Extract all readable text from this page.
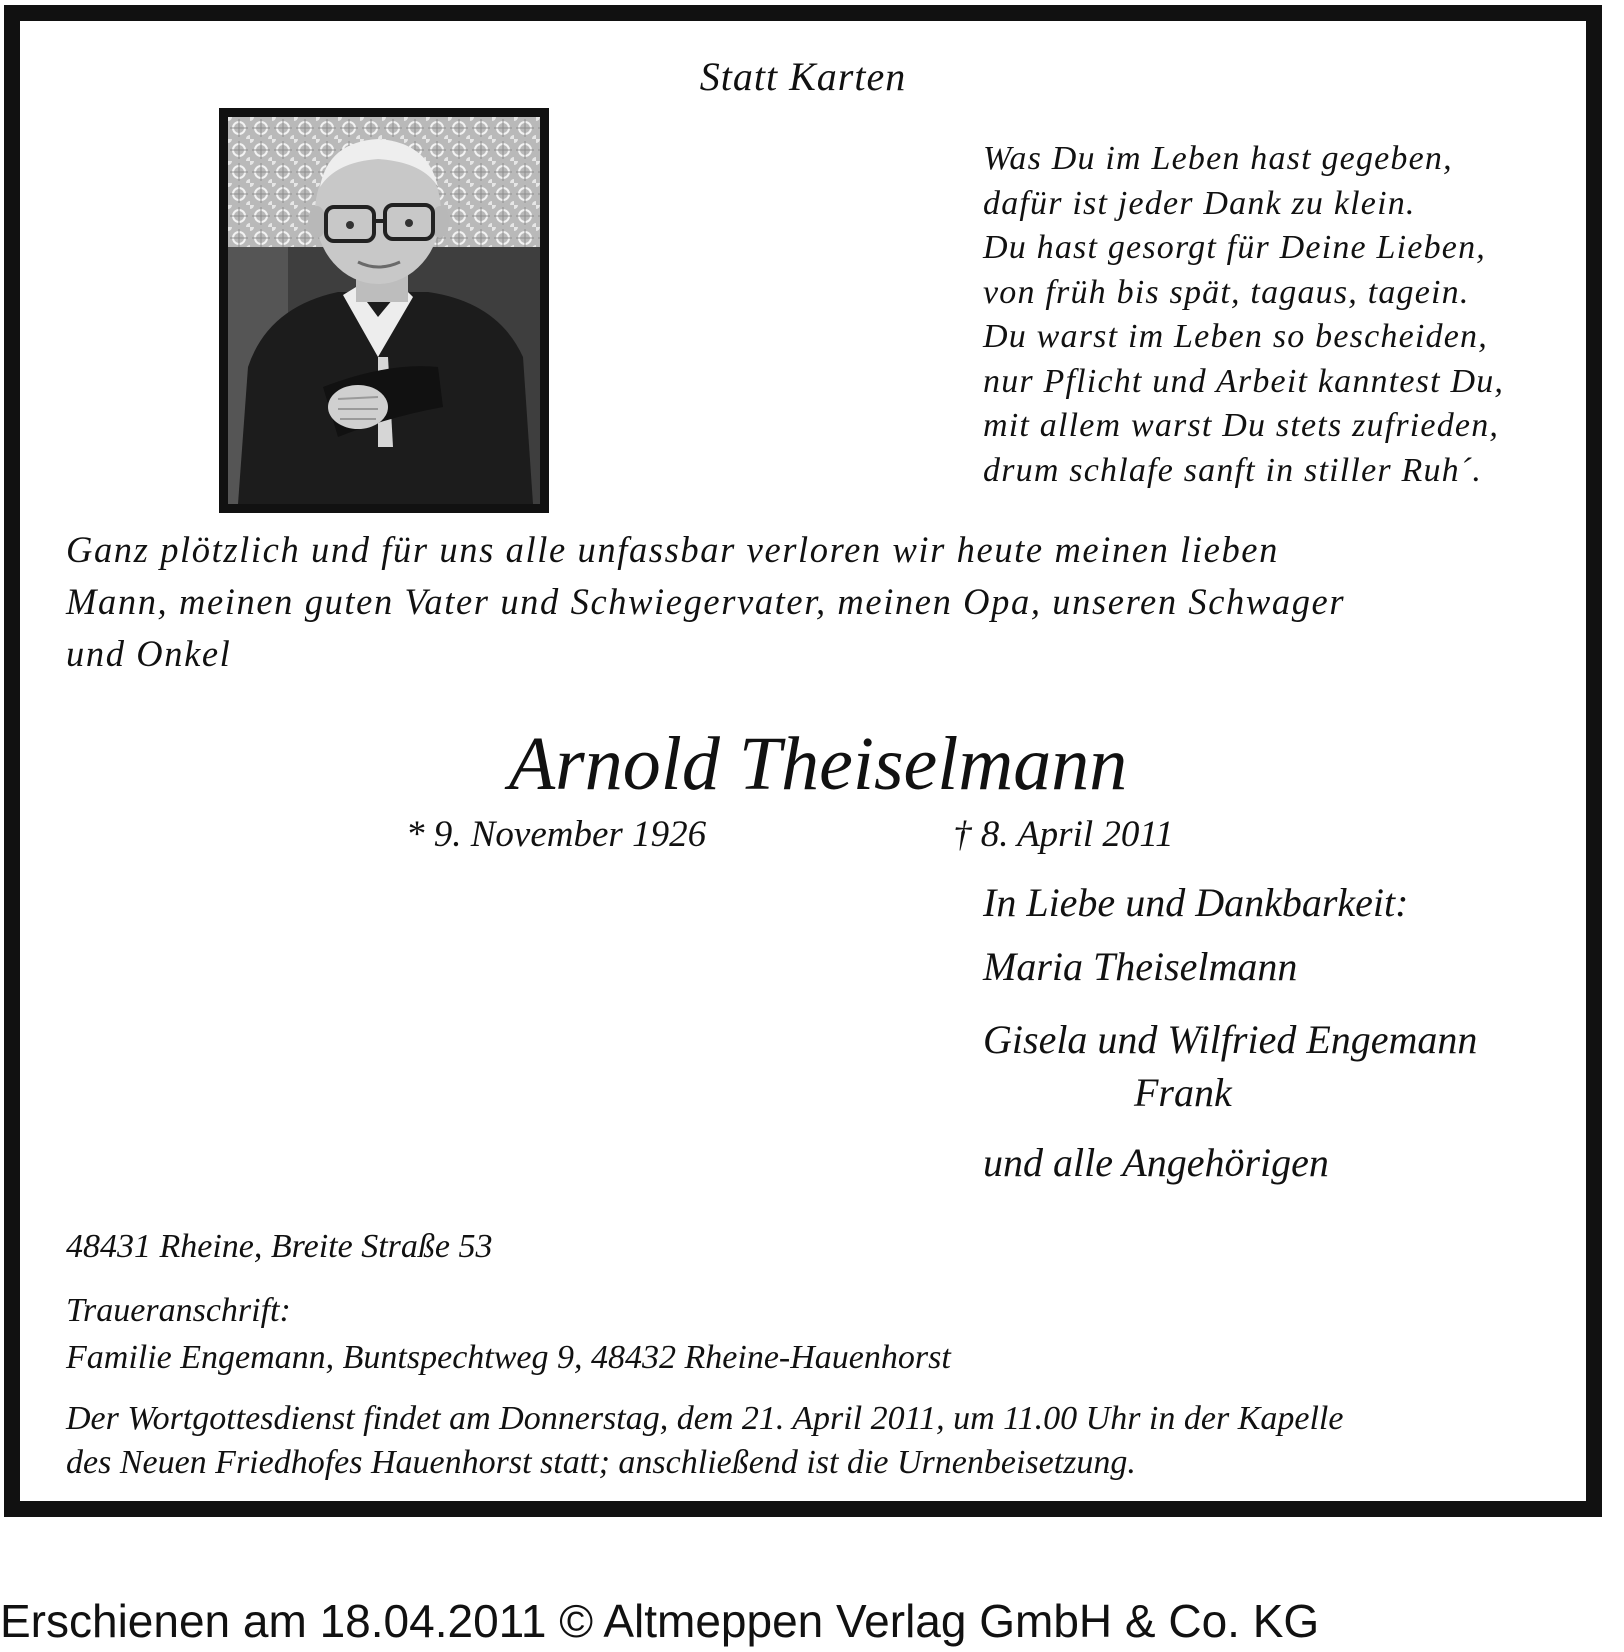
Statt Karten
Was Du im Leben hast gegeben,
dafür ist jeder Dank zu klein.
Du hast gesorgt für Deine Lieben,
von früh bis spät, tagaus, tagein.
Du warst im Leben so bescheiden,
nur Pflicht und Arbeit kanntest Du,
mit allem warst Du stets zufrieden,
drum schlafe sanft in stiller Ruh´.
Ganz plötzlich und für uns alle unfassbar verloren wir heute meinen lieben
Mann, meinen guten Vater und Schwiegervater, meinen Opa, unseren Schwager
und Onkel
Arnold Theiselmann
* 9. November 1926	† 8. April 2011
In Liebe und Dankbarkeit:
Maria Theiselmann
Gisela und Wilfried Engemann
Frank
und alle Angehörigen
48431 Rheine, Breite Straße 53
Traueranschrift:
Familie Engemann, Buntspechtweg 9, 48432 Rheine-Hauenhorst
Der Wortgottesdienst findet am Donnerstag, dem 21. April 2011, um 11.00 Uhr in der Kapelle
des Neuen Friedhofes Hauenhorst statt; anschließend ist die Urnenbeisetzung.
Erschienen am 18.04.2011 © Altmeppen Verlag GmbH & Co. KG
